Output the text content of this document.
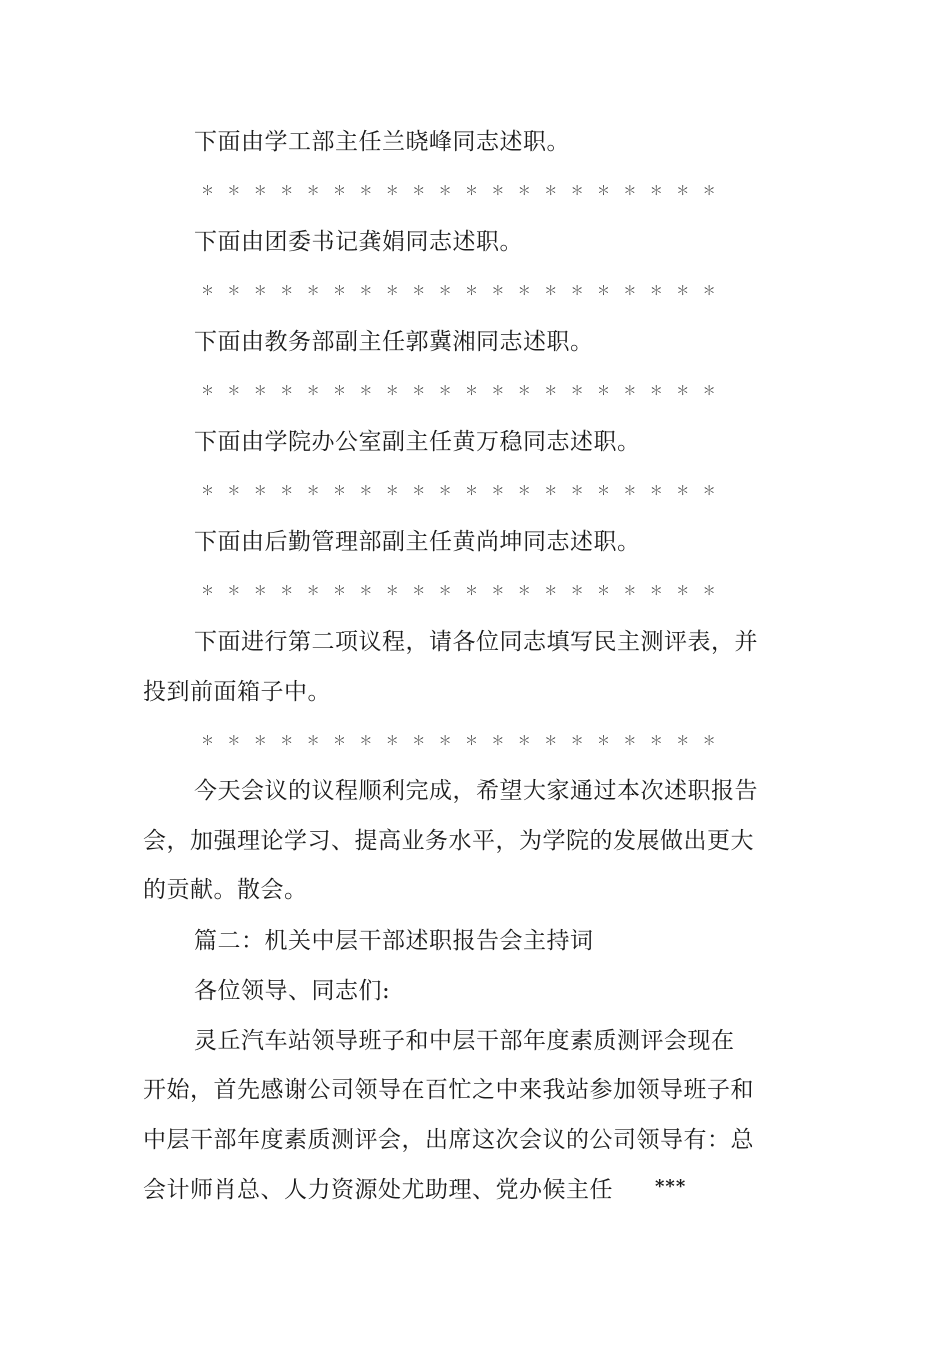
下面由学工部主任兰晓峰同志述职。
＊＊＊＊＊＊＊＊＊＊＊＊＊＊＊＊＊＊＊＊
下面由团委书记龚娟同志述职。
＊＊＊＊＊＊＊＊＊＊＊＊＊＊＊＊＊＊＊＊
下面由教务部副主任郭冀湘同志述职。
＊＊＊＊＊＊＊＊＊＊＊＊＊＊＊＊＊＊＊＊
下面由学院办公室副主任黄万稳同志述职。
＊＊＊＊＊＊＊＊＊＊＊＊＊＊＊＊＊＊＊＊
下面由后勤管理部副主任黄尚坤同志述职。
＊＊＊＊＊＊＊＊＊＊＊＊＊＊＊＊＊＊＊＊
下面进行第二项议程，请各位同志填写民主测评表，并
投到前面箱子中。
＊＊＊＊＊＊＊＊＊＊＊＊＊＊＊＊＊＊＊＊
今天会议的议程顺利完成，希望大家通过本次述职报告
会，加强理论学习、提高业务水平，为学院的发展做出更大
的贡献。散会。
篇二：机关中层干部述职报告会主持词
各位领导、同志们:
灵丘汽车站领导班子和中层干部年度素质测评会现在
开始，首先感谢公司领导在百忙之中来我站参加领导班子和
中层干部年度素质测评会，出席这次会议的公司领导有：总
会计师肖总、人力资源处尤助理、党办候主任 ***
